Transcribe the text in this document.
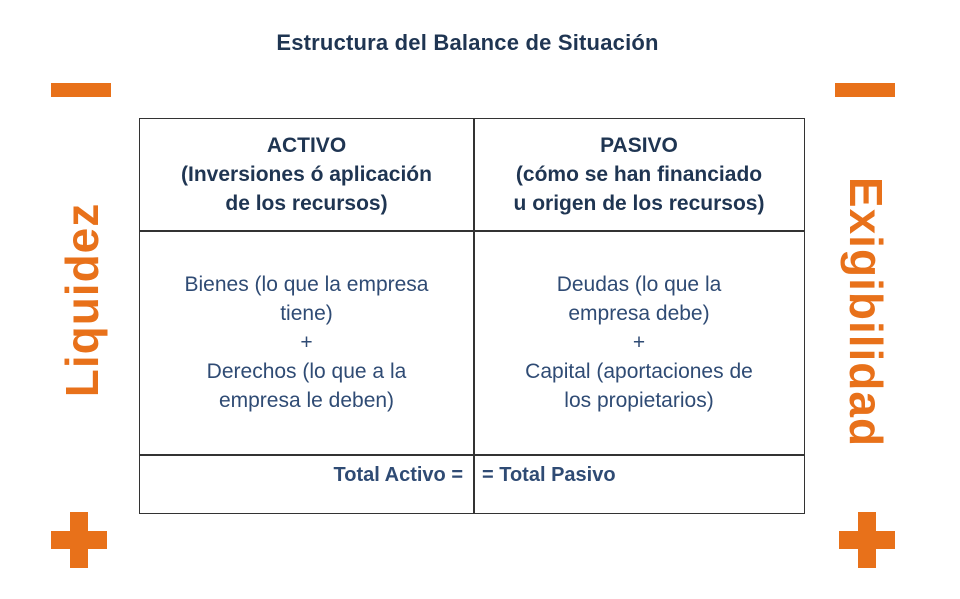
Estructura del Balance de Situación
Liquidez	Exigibilidad
ACTIVO
(Inversiones ó aplicación
de los recursos)
PASIVO
(cómo se han financiado
u origen de los recursos)
Bienes (lo que la empresa
tiene)
+
Derechos (lo que a la
empresa le deben)
Deudas (lo que la
empresa debe)
+
Capital (aportaciones de
los propietarios)
Total Activo = = Total Pasivo
